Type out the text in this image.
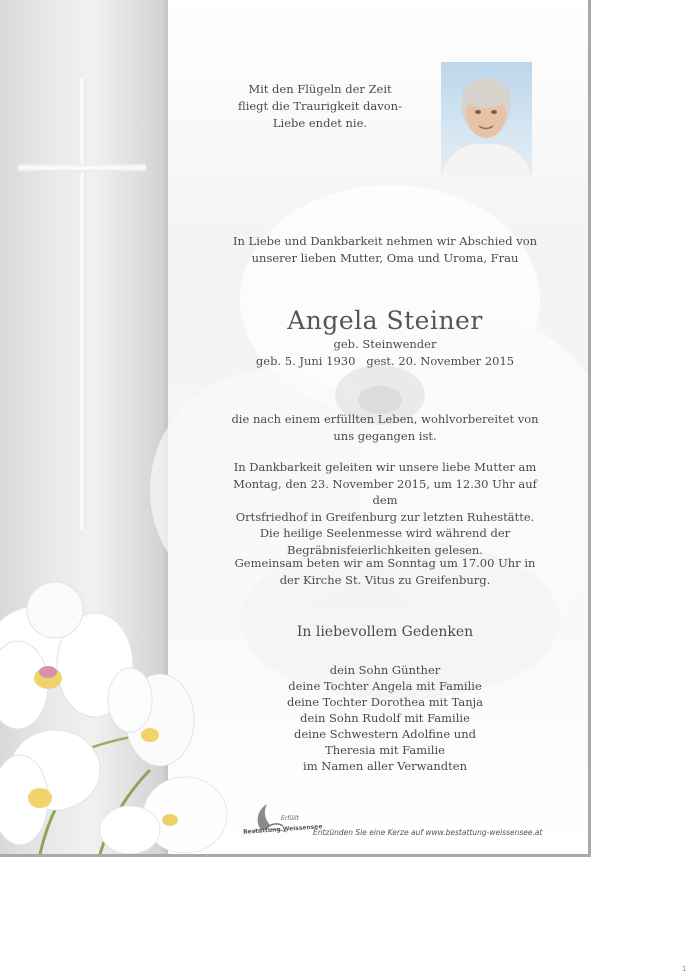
Mit den Flügeln der Zeit
fliegt die Traurigkeit davon-
Liebe endet nie.
In Liebe und Dankbarkeit nehmen wir Abschied von
unserer lieben Mutter, Oma und Uroma, Frau
Angela Steiner
geb. Steinwender
geb. 5. Juni 1930   gest. 20. November 2015
die nach einem erfüllten Leben, wohlvorbereitet von
uns gegangen ist.
In Dankbarkeit geleiten wir unsere liebe Mutter am
Montag, den 23. November 2015, um 12.30 Uhr auf dem
Ortsfriedhof in Greifenburg zur letzten Ruhestätte.
Die heilige Seelenmesse wird während der
Begräbnisfeierlichkeiten gelesen.
Gemeinsam beten wir am Sonntag um 17.00 Uhr in
der Kirche St. Vitus zu Greifenburg.
In liebevollem Gedenken
dein Sohn Günther
deine Tochter Angela mit Familie
deine Tochter Dorothea mit Tanja
dein Sohn Rudolf mit Familie
deine Schwestern Adolfine und
Theresia mit Familie
im Namen aller Verwandten
Erfüllt
Bestattung Weissensee
Entzünden Sie eine Kerze auf www.bestattung-weissensee.at
1
